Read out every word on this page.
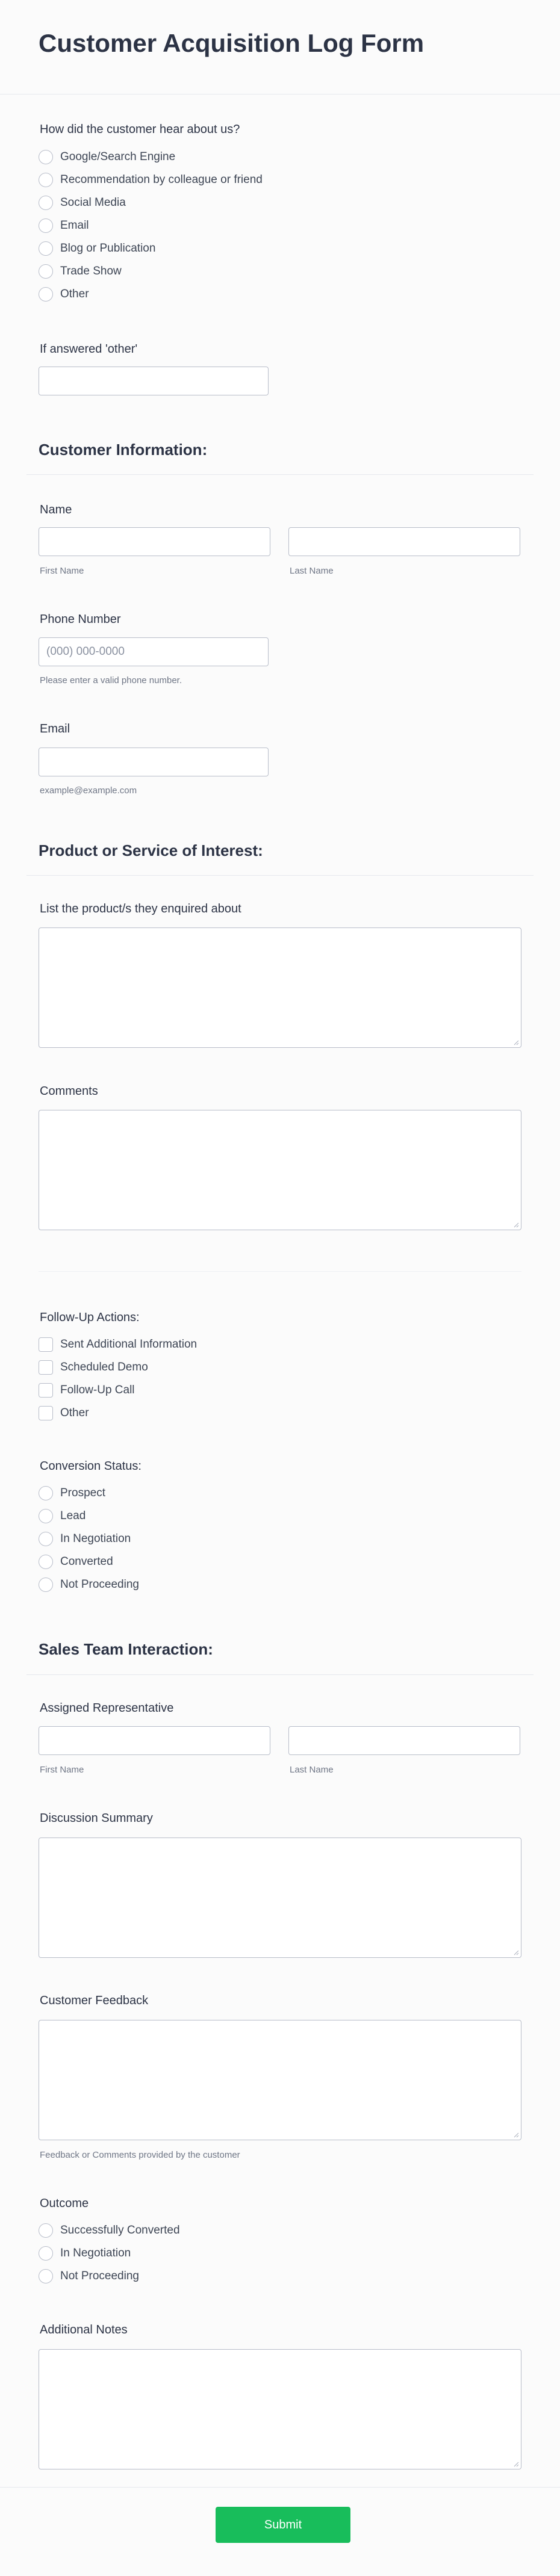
Customer Acquisition Log Form
How did the customer hear about us?
Google/Search Engine
Recommendation by colleague or friend
Social Media
Email
Blog or Publication
Trade Show
Other
If answered 'other'
Customer Information:
Name
First Name	Last Name
Phone Number
(000) 000-0000
Please enter a valid phone number.
Email
example@example.com
Product or Service of Interest:
List the product/s they enquired about
Comments
Follow-Up Actions:
Sent Additional Information
Scheduled Demo
Follow-Up Call
Other
Conversion Status:
Prospect
Lead
In Negotiation
Converted
Not Proceeding
Sales Team Interaction:
Assigned Representative
First Name	Last Name
Discussion Summary
Customer Feedback
Feedback or Comments provided by the customer
Outcome
Successfully Converted
In Negotiation
Not Proceeding
Additional Notes
Submit
